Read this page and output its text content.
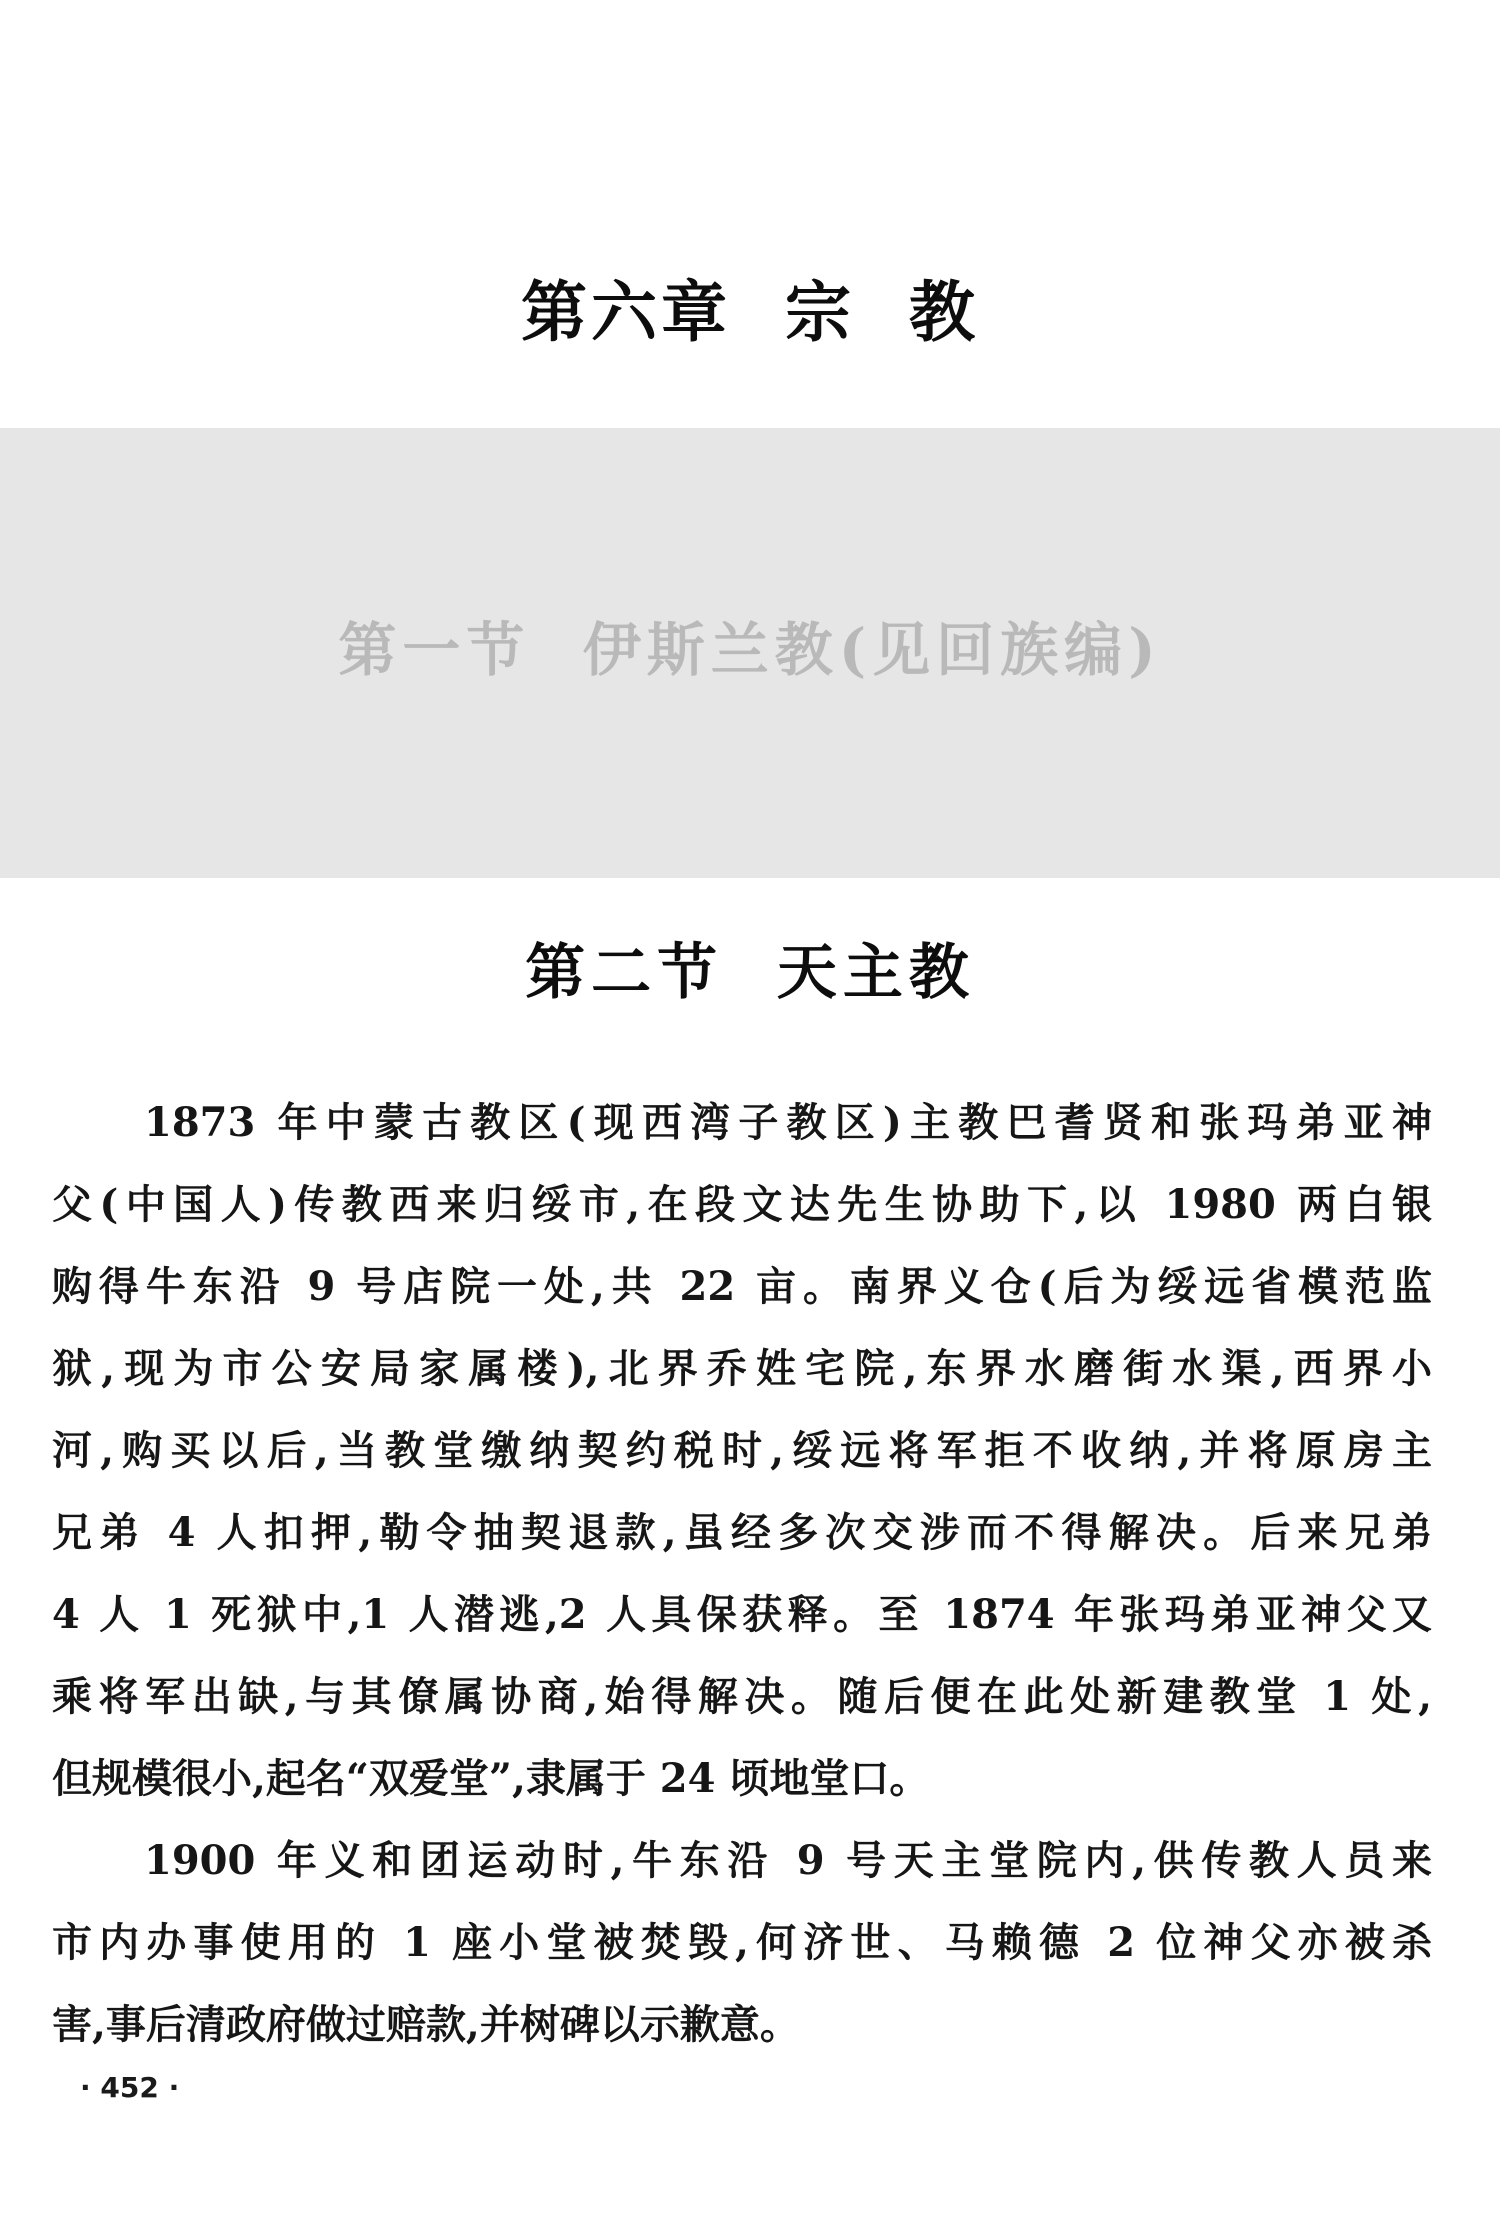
第六章  宗  教
第一节  伊斯兰教(见回族编)
第二节  天主教
1873 年中蒙古教区(现西湾子教区)主教巴耆贤和张玛弟亚神
父(中国人)传教西来归绥市,在段文达先生协助下,以 1980 两白银
购得牛东沿 9 号店院一处,共 22 亩。南界义仓(后为绥远省模范监
狱,现为市公安局家属楼),北界乔姓宅院,东界水磨街水渠,西界小
河,购买以后,当教堂缴纳契约税时,绥远将军拒不收纳,并将原房主
兄弟 4 人扣押,勒令抽契退款,虽经多次交涉而不得解决。后来兄弟
4 人 1 死狱中,1 人潜逃,2 人具保获释。至 1874 年张玛弟亚神父又
乘将军出缺,与其僚属协商,始得解决。随后便在此处新建教堂 1 处,
但规模很小,起名“双爱堂”,隶属于 24 顷地堂口。
1900 年义和团运动时,牛东沿 9 号天主堂院内,供传教人员来
市内办事使用的 1 座小堂被焚毁,何济世、马赖德 2 位神父亦被杀
害,事后清政府做过赔款,并树碑以示歉意。
· 452 ·
